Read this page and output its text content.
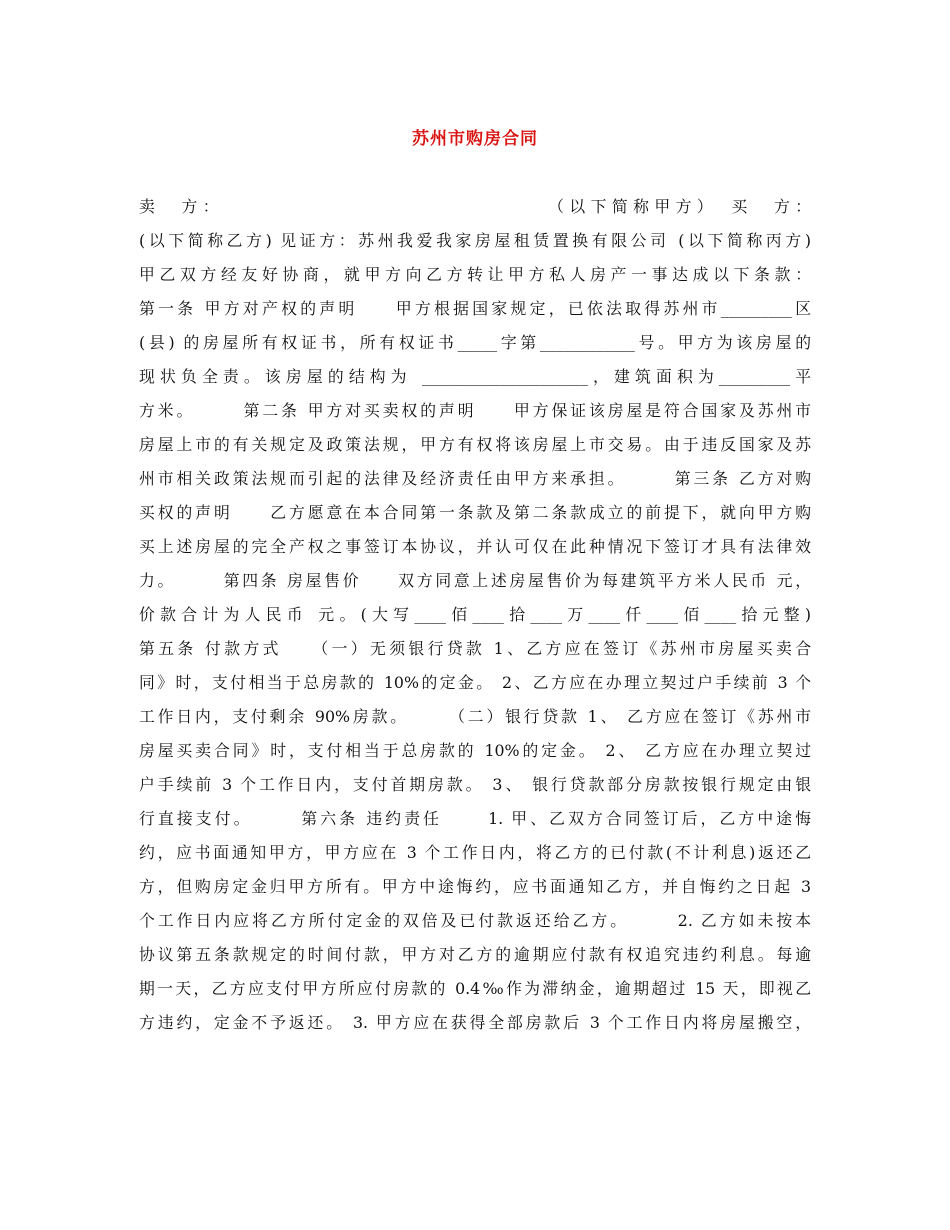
苏州市购房合同
卖　方：　　　　　　　　　　　　　　　　（以下简称甲方）　买　方：
(以下简称乙方) 见证方：苏州我爱我家房屋租赁置换有限公司 (以下简称丙方)
甲乙双方经友好协商，就甲方向乙方转让甲方私人房产一事达成以下条款：
第一条 甲方对产权的声明　　甲方根据国家规定，已依法取得苏州市_________区
(县) 的房屋所有权证书，所有权证书_____字第____________号。甲方为该房屋的
现状负全责。该房屋的结构为 _____________________，建筑面积为_________平
方米。　　　第二条 甲方对买卖权的声明　　甲方保证该房屋是符合国家及苏州市
房屋上市的有关规定及政策法规，甲方有权将该房屋上市交易。由于违反国家及苏
州市相关政策法规而引起的法律及经济责任由甲方来承担。　　　第三条 乙方对购
买权的声明　　乙方愿意在本合同第一条款及第二条款成立的前提下，就向甲方购
买上述房屋的完全产权之事签订本协议，并认可仅在此种情况下签订才具有法律效
力。　　　第四条 房屋售价　　双方同意上述房屋售价为每建筑平方米人民币 元，
价款合计为人民币 元。(大写____佰____拾____万____仟____佰____拾元整)
第五条 付款方式　　（一）无须银行贷款 1、乙方应在签订《苏州市房屋买卖合
同》时，支付相当于总房款的 10%的定金。 2、乙方应在办理立契过户手续前 3 个
工作日内，支付剩余 90%房款。　　　（二）银行贷款 1、 乙方应在签订《苏州市
房屋买卖合同》时，支付相当于总房款的 10%的定金。 2、 乙方应在办理立契过
户手续前 3 个工作日内，支付首期房款。 3、 银行贷款部分房款按银行规定由银
行直接支付。　　　第六条 违约责任　　 1. 甲、乙双方合同签订后，乙方中途悔
约，应书面通知甲方，甲方应在 3 个工作日内，将乙方的已付款(不计利息)返还乙
方，但购房定金归甲方所有。甲方中途悔约，应书面通知乙方，并自悔约之日起 3
个工作日内应将乙方所付定金的双倍及已付款返还给乙方。　　　2. 乙方如未按本
协议第五条款规定的时间付款，甲方对乙方的逾期应付款有权追究违约利息。每逾
期一天，乙方应支付甲方所应付房款的 0.4‰作为滞纳金，逾期超过 15 天，即视乙
方违约，定金不予返还。 3. 甲方应在获得全部房款后 3 个工作日内将房屋搬空，
